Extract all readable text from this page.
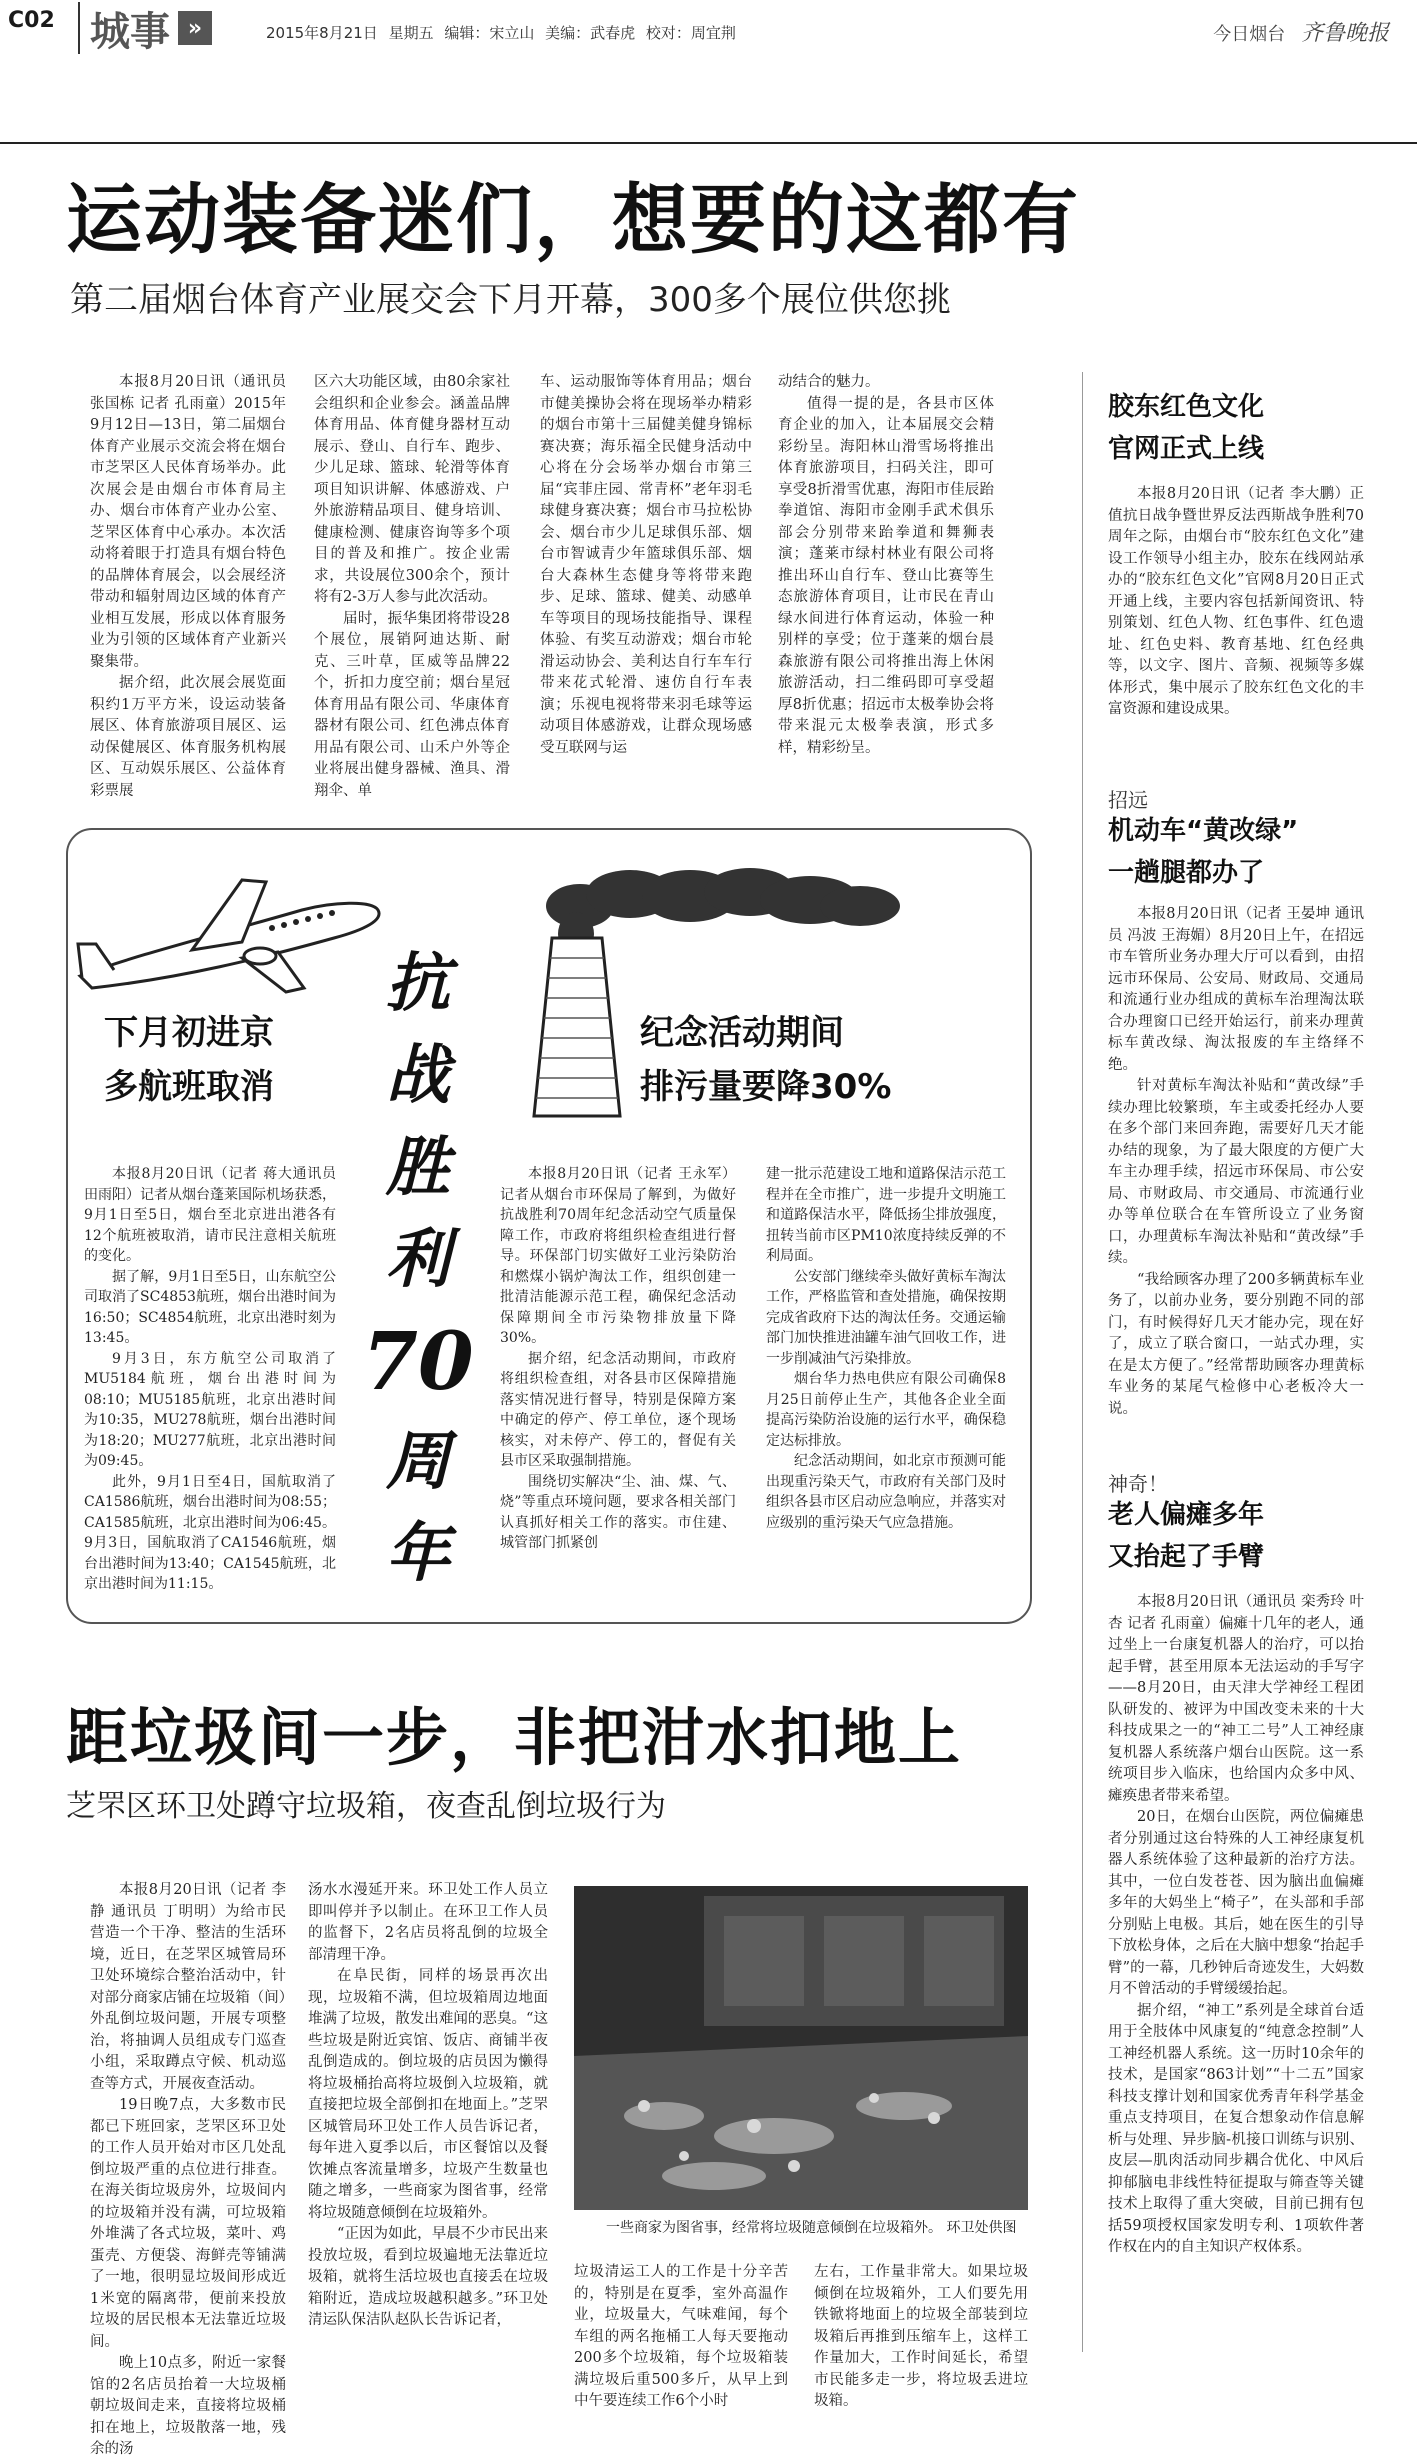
C02 城事 »	2015年8月21日 星期五 编辑：宋立山 美编：武春虎 校对：周宜荆	今日烟台 齐鲁晚报
运动装备迷们，想要的这都有
第二届烟台体育产业展交会下月开幕，300多个展位供您挑

本报8月20日讯（通讯员 张国栋 记者 孔雨童）2015年9月12日—13日，第二届烟台体育产业展示交流会将在烟台市芝罘区人民体育场举办。此次展会是由烟台市体育局主办、烟台市体育产业办公室、芝罘区体育中心承办。本次活动将着眼于打造具有烟台特色的品牌体育展会，以会展经济带动和辐射周边区域的体育产业相互发展，形成以体育服务业为引领的区域体育产业新兴聚集带。

据介绍，此次展会展览面积约1万平方米，设运动装备展区、体育旅游项目展区、运动保健展区、体育服务机构展区、互动娱乐展区、公益体育彩票展

区六大功能区域，由80余家社会组织和企业参会。涵盖品牌体育用品、体育健身器材互动展示、登山、自行车、跑步、少儿足球、篮球、轮滑等体育项目知识讲解、体感游戏、户外旅游精品项目、健身培训、健康检测、健康咨询等多个项目的普及和推广。按企业需求，共设展位300余个，预计将有2-3万人参与此次活动。

届时，振华集团将带设28个展位，展销阿迪达斯、耐克、三叶草，匡威等品牌22个，折扣力度空前；烟台星冠体育用品有限公司、华康体育器材有限公司、红色沸点体育用品有限公司、山禾户外等企业将展出健身器械、渔具、滑翔伞、单

车、运动服饰等体育用品；烟台市健美操协会将在现场举办精彩的烟台市第十三届健美健身锦标赛决赛；海乐福全民健身活动中心将在分会场举办烟台市第三届“宾菲庄园、常青杯”老年羽毛球健身赛决赛；烟台市马拉松协会、烟台市少儿足球俱乐部、烟台市智诚青少年篮球俱乐部、烟台大森林生态健身等将带来跑步、足球、篮球、健美、动感单车等项目的现场技能指导、课程体验、有奖互动游戏；烟台市轮滑运动协会、美利达自行车车行带来花式轮滑、速仿自行车表演；乐视电视将带来羽毛球等运动项目体感游戏，让群众现场感受互联网与运

动结合的魅力。

值得一提的是，各县市区体育企业的加入，让本届展交会精彩纷呈。海阳林山滑雪场将推出体育旅游项目，扫码关注，即可享受8折滑雪优惠，海阳市佳辰跆拳道馆、海阳市金刚手武术俱乐部会分别带来跆拳道和舞狮表演；蓬莱市绿村林业有限公司将推出环山自行车、登山比赛等生态旅游体育项目，让市民在青山绿水间进行体育运动，体验一种别样的享受；位于蓬莱的烟台晨森旅游有限公司将推出海上休闲旅游活动，扫二维码即可享受超厚8折优惠；招远市太极拳协会将带来混元太极拳表演，形式多样，精彩纷呈。

胶东红色文化
官网正式上线

本报8月20日讯（记者 李大鹏）正值抗日战争暨世界反法西斯战争胜利70周年之际，由烟台市“胶东红色文化”建设工作领导小组主办，胶东在线网站承办的“胶东红色文化”官网8月20日正式开通上线，主要内容包括新闻资讯、特别策划、红色人物、红色事件、红色遗址、红色史料、教育基地、红色经典等，以文字、图片、音频、视频等多媒体形式，集中展示了胶东红色文化的丰富资源和建设成果。

招远
机动车“黄改绿”
一趟腿都办了

本报8月20日讯（记者 王晏坤 通讯员 冯波 王海媚）8月20日上午，在招远市车管所业务办理大厅可以看到，由招远市环保局、公安局、财政局、交通局和流通行业办组成的黄标车治理淘汰联合办理窗口已经开始运行，前来办理黄标车黄改绿、淘汰报废的车主络绎不绝。

针对黄标车淘汰补贴和“黄改绿”手续办理比较繁琐，车主或委托经办人要在多个部门来回奔跑，需要好几天才能办结的现象，为了最大限度的方便广大车主办理手续，招远市环保局、市公安局、市财政局、市交通局、市流通行业办等单位联合在车管所设立了业务窗口，办理黄标车淘汰补贴和“黄改绿”手续。

“我给顾客办理了200多辆黄标车业务了，以前办业务，要分别跑不同的部门，有时候得好几天才能办完，现在好了，成立了联合窗口，一站式办理，实在是太方便了。”经常帮助顾客办理黄标车业务的某尾气检修中心老板冷大一说。

神奇！
老人偏瘫多年
又抬起了手臂

本报8月20日讯（通讯员 栾秀玲 叶杏 记者 孔雨童）偏瘫十几年的老人，通过坐上一台康复机器人的治疗，可以抬起手臂，甚至用原本无法运动的手写字——8月20日，由天津大学神经工程团队研发的、被评为中国改变未来的十大科技成果之一的“神工二号”人工神经康复机器人系统落户烟台山医院。这一系统项目步入临床，也给国内众多中风、瘫痪患者带来希望。

20日，在烟台山医院，两位偏瘫患者分别通过这台特殊的人工神经康复机器人系统体验了这种最新的治疗方法。其中，一位白发苍苍、因为脑出血偏瘫多年的大妈坐上“椅子”，在头部和手部分别贴上电极。其后，她在医生的引导下放松身体，之后在大脑中想象“抬起手臂”的一幕，几秒钟后奇迹发生，大妈数月不曾活动的手臂缓缓抬起。

据介绍，“神工”系列是全球首台适用于全肢体中风康复的“纯意念控制”人工神经机器人系统。这一历时10余年的技术，是国家“863计划”“十二五”国家科技支撑计划和国家优秀青年科学基金重点支持项目，在复合想象动作信息解析与处理、异步脑-机接口训练与识别、皮层—肌肉活动同步耦合优化、中风后抑郁脑电非线性特征提取与筛查等关键技术上取得了重大突破，目前已拥有包括59项授权国家发明专利、1项软件著作权在内的自主知识产权体系。

抗
战
胜
利
70
周
年
下月初进京
多航班取消
纪念活动期间
排污量要降30%

本报8月20日讯（记者 蒋大通讯员 田雨阳）记者从烟台蓬莱国际机场获悉，9月1日至5日，烟台至北京进出港各有12个航班被取消，请市民注意相关航班的变化。

据了解，9月1日至5日，山东航空公司取消了SC4853航班，烟台出港时间为16:50；SC4854航班，北京出港时刻为13:45。

9月3日，东方航空公司取消了MU5184航班，烟台出港时间为08:10；MU5185航班，北京出港时间为10:35，MU278航班，烟台出港时间为18:20；MU277航班，北京出港时间为09:45。

此外，9月1日至4日，国航取消了CA1586航班，烟台出港时间为08:55；CA1585航班，北京出港时间为06:45。9月3日，国航取消了CA1546航班，烟台出港时间为13:40；CA1545航班，北京出港时间为11:15。

本报8月20日讯（记者 王永军）记者从烟台市环保局了解到，为做好抗战胜利70周年纪念活动空气质量保障工作，市政府将组织检查组进行督导。环保部门切实做好工业污染防治和燃煤小锅炉淘汰工作，组织创建一批清洁能源示范工程，确保纪念活动保障期间全市污染物排放量下降30%。

据介绍，纪念活动期间，市政府将组织检查组，对各县市区保障措施落实情况进行督导，特别是保障方案中确定的停产、停工单位，逐个现场核实，对未停产、停工的，督促有关县市区采取强制措施。

围绕切实解决“尘、油、煤、气、烧”等重点环境问题，要求各相关部门认真抓好相关工作的落实。市住建、城管部门抓紧创

建一批示范建设工地和道路保洁示范工程并在全市推广，进一步提升文明施工和道路保洁水平，降低扬尘排放强度，扭转当前市区PM10浓度持续反弹的不利局面。

公安部门继续牵头做好黄标车淘汰工作，严格监管和查处措施，确保按期完成省政府下达的淘汰任务。交通运输部门加快推进油罐车油气回收工作，进一步削减油气污染排放。

烟台华力热电供应有限公司确保8月25日前停止生产，其他各企业全面提高污染防治设施的运行水平，确保稳定达标排放。

纪念活动期间，如北京市预测可能出现重污染天气，市政府有关部门及时组织各县市区启动应急响应，并落实对应级别的重污染天气应急措施。

距垃圾间一步，非把泔水扣地上
芝罘区环卫处蹲守垃圾箱，夜查乱倒垃圾行为

本报8月20日讯（记者 李静 通讯员 丁明明）为给市民营造一个干净、整洁的生活环境，近日，在芝罘区城管局环卫处环境综合整治活动中，针对部分商家店铺在垃圾箱（间）外乱倒垃圾问题，开展专项整治，将抽调人员组成专门巡查小组，采取蹲点守候、机动巡查等方式，开展夜查活动。

19日晚7点，大多数市民都已下班回家，芝罘区环卫处的工作人员开始对市区几处乱倒垃圾严重的点位进行排查。在海关街垃圾房外，垃圾间内的垃圾箱并没有满，可垃圾箱外堆满了各式垃圾，菜叶、鸡蛋壳、方便袋、海鲜壳等铺满了一地，很明显垃圾间形成近1米宽的隔离带，便前来投放垃圾的居民根本无法靠近垃圾间。

晚上10点多，附近一家餐馆的2名店员抬着一大垃圾桶朝垃圾间走来，直接将垃圾桶扣在地上，垃圾散落一地，残余的汤

汤水水漫延开来。环卫处工作人员立即叫停并予以制止。在环卫工作人员的监督下，2名店员将乱倒的垃圾全部清理干净。

在阜民街，同样的场景再次出现，垃圾箱不满，但垃圾箱周边地面堆满了垃圾，散发出难闻的恶臭。“这些垃圾是附近宾馆、饭店、商铺半夜乱倒造成的。倒垃圾的店员因为懒得将垃圾桶抬高将垃圾倒入垃圾箱，就直接把垃圾全部倒扣在地面上。”芝罘区城管局环卫处工作人员告诉记者，每年进入夏季以后，市区餐馆以及餐饮摊点客流量增多，垃圾产生数量也随之增多，一些商家为图省事，经常将垃圾随意倾倒在垃圾箱外。

“正因为如此，早晨不少市民出来投放垃圾，看到垃圾遍地无法靠近垃圾箱，就将生活垃圾也直接丢在垃圾箱附近，造成垃圾越积越多。”环卫处清运队保洁队赵队长告诉记者，

一些商家为图省事，经常将垃圾随意倾倒在垃圾箱外。 环卫处供图

垃圾清运工人的工作是十分辛苦的，特别是在夏季，室外高温作业，垃圾量大，气味难闻，每个车组的两名拖桶工人每天要拖动200多个垃圾箱，每个垃圾箱装满垃圾后重500多斤，从早上到中午要连续工作6个小时

左右，工作量非常大。如果垃圾倾倒在垃圾箱外，工人们要先用铁锨将地面上的垃圾全部装到垃圾箱后再推到压缩车上，这样工作量加大，工作时间延长，希望市民能多走一步，将垃圾丢进垃圾箱。
